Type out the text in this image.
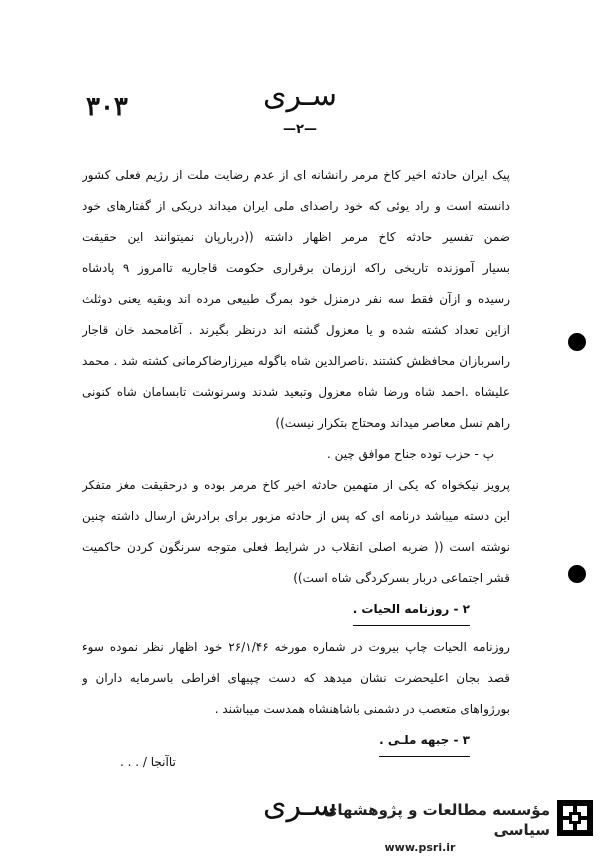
سـری
۳۰۳
—۲—
پیک ایران حادثه اخیر کاخ مرمر رانشانه ای از عدم رضایت ملت از رژیم فعلی کشور
دانسته است و راد یوئی که خود راصدای ملی ایران میداند دریکی از گفتارهای خود
ضمن تفسیر حادثه کاخ مرمر اظهار داشته ((دربارپان نمیتوانند این حقیقت
بسیار آموزنده تاریخی راکه اززمان برقراری حکومت قاجاریه تاامروز ۹ پادشاه
رسیده و ازآن فقط سه نفر درمنزل خود بمرگ طبیعی مرده اند وبقیه یعنی دوثلث
ازاین تعداد کشته شده و یا معزول گشته اند درنظر بگیرند . آغامحمد خان قاجار
راسربازان محافظش کشتند .ناصرالدین شاه باگوله میرزارضاکرمانی کشته شد . محمد
علیشاه .احمد شاه ورضا شاه معزول وتبعید شدند وسرنوشت تابسامان شاه کنونی
راهم نسل معاصر میداند ومحتاج بتکرار نیست))
پ - حزب توده جناح موافق چین .
پرویز نیکخواه که یکی از متهمین حادثه اخیر کاخ مرمر بوده و درحقیقت مغز متفکر
این دسته میباشد درنامه ای که پس از حادثه مزبور برای برادرش ارسال داشته چنین
نوشته است (( ضربه اصلی انقلاب در شرایط فعلی متوجه سرنگون کردن حاکمیت
قشر اجتماعی دربار بسرکردگی شاه است))
۲ - روزنامه الحیات .
روزنامه الحیات چاپ بیروت در شماره مورخه ۲۶/۱/۴۶ خود اظهار نظر نموده سوء
قصد بجان اعلیحضرت نشان میدهد که دست چپیهای افراطی باسرمایه داران و
بورژواهای متعصب در دشمنی باشاهنشاه همدست میباشند .
۳ - جبهه ملـی .
تاآنجا / . . .
سـری
مؤسسه مطالعات و پژوهشهای سیاسی
www.psri.ir
